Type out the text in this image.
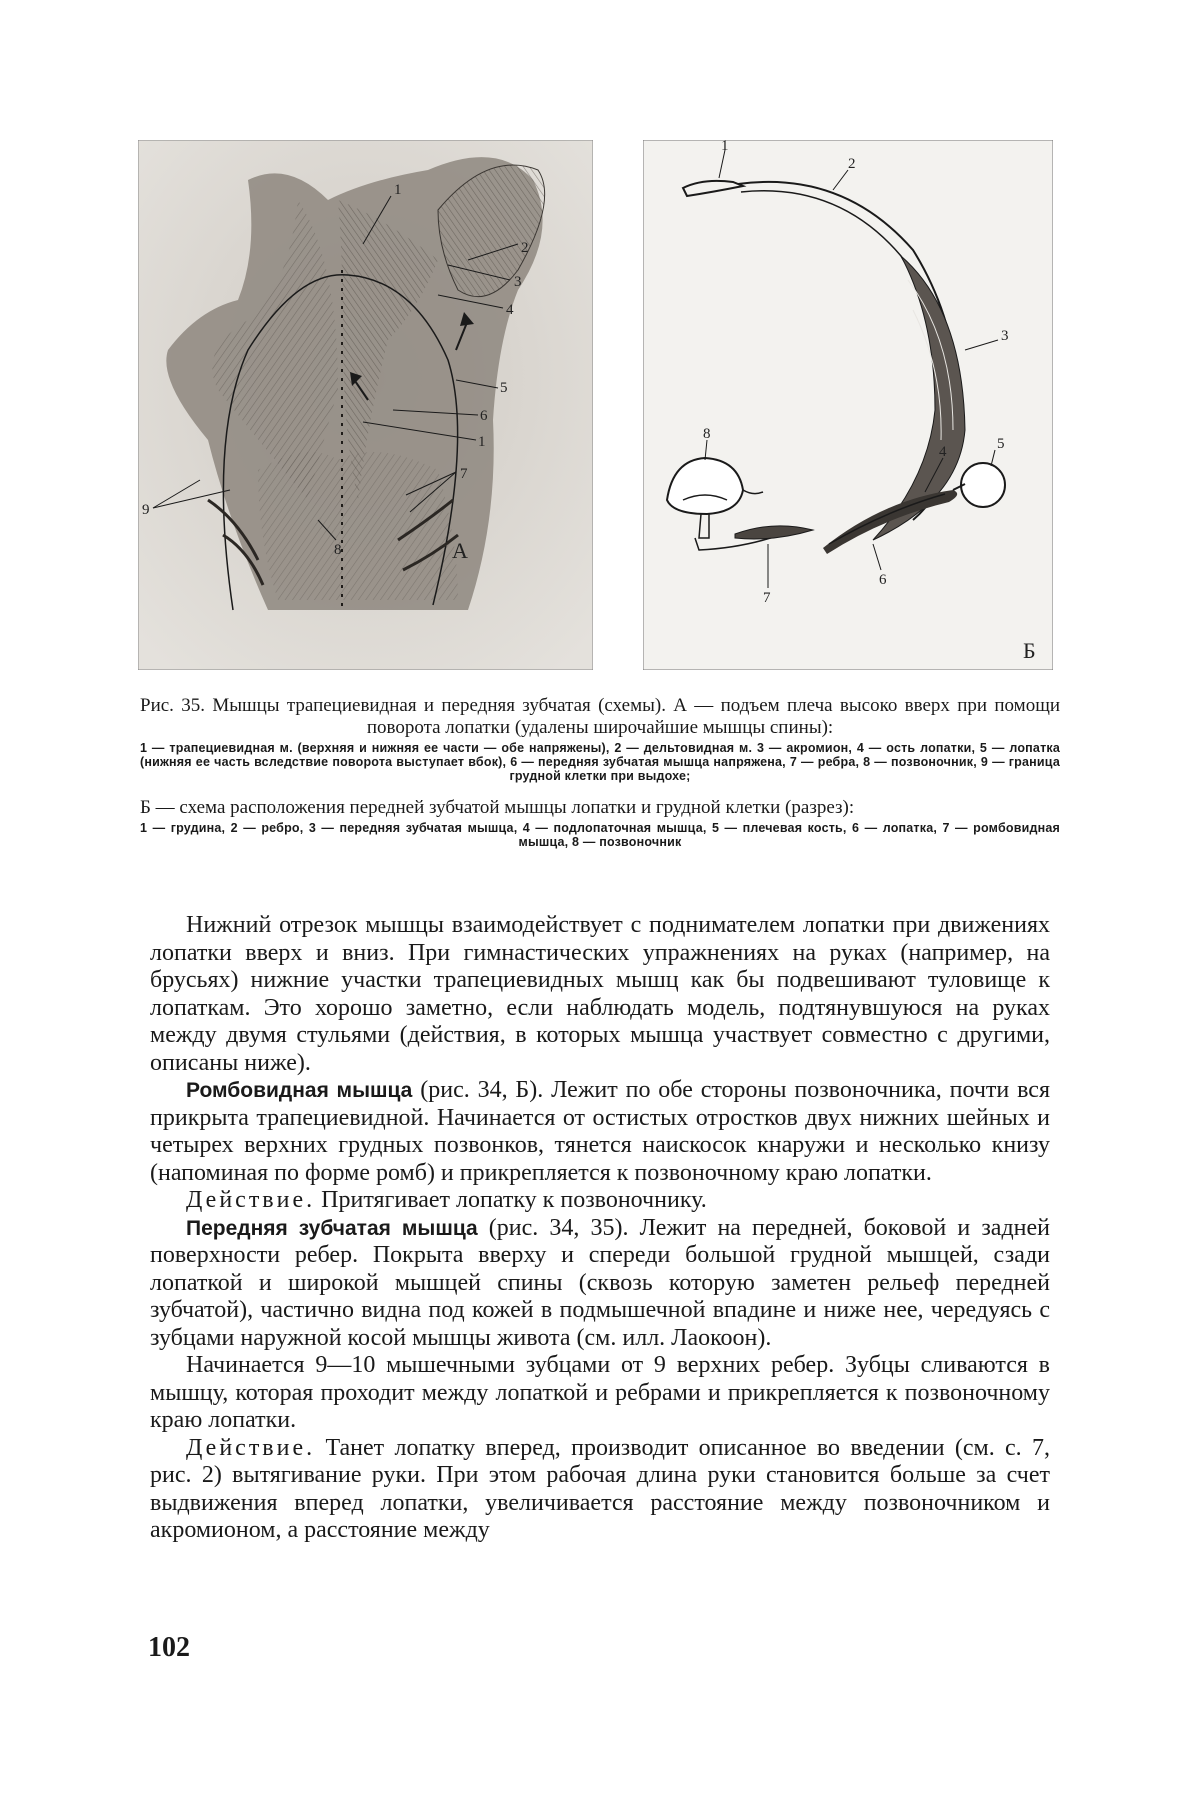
1
2
3
4
5
6
1
7
9
8	А
1
2
3
4	5
6
7
8
Б

Рис. 35. Мышцы трапециевидная и передняя зубчатая (схемы). А — подъем плеча высоко вверх при помощи поворота лопатки (удалены широчайшие мышцы спины):

1 — трапециевидная м. (верхняя и нижняя ее части — обе напряжены), 2 — дельтовидная м. 3 — акромион, 4 — ость лопатки, 5 — лопатка (нижняя ее часть вследствие поворота выступает вбок), 6 — передняя зубчатая мышца напряжена, 7 — ребра, 8 — позвоночник, 9 — граница грудной клетки при выдохе;

Б — схема расположения передней зубчатой мышцы лопатки и грудной клетки (разрез):

1 — грудина, 2 — ребро, 3 — передняя зубчатая мышца, 4 — подлопаточная мышца, 5 — плечевая кость, 6 — лопатка, 7 — ромбовидная мышца, 8 — позвоночник

Нижний отрезок мышцы взаимодействует с поднимателем лопатки при движениях лопатки вверх и вниз. При гимнастических упражнениях на руках (например, на брусьях) нижние участки трапециевидных мышц как бы подвешивают туловище к лопаткам. Это хорошо заметно, если наблюдать модель, подтянувшуюся на руках между двумя стульями (действия, в которых мышца участвует совместно с другими, описаны ниже).

Ромбовидная мышца (рис. 34, Б). Лежит по обе стороны позвоночника, почти вся прикрыта трапециевидной. Начинается от остистых отростков двух нижних шейных и четырех верхних грудных позвонков, тянется наискосок кнаружи и несколько книзу (напоминая по форме ромб) и прикрепляется к позвоночному краю лопатки.

Действие. Притягивает лопатку к позвоночнику.

Передняя зубчатая мышца (рис. 34, 35). Лежит на передней, боковой и задней поверхности ребер. Покрыта вверху и спереди большой грудной мышцей, сзади лопаткой и широкой мышцей спины (сквозь которую заметен рельеф передней зубчатой), частично видна под кожей в подмышечной впадине и ниже нее, чередуясь с зубцами наружной косой мышцы живота (см. илл. Лаокоон).

Начинается 9—10 мышечными зубцами от 9 верхних ребер. Зубцы сливаются в мышцу, которая проходит между лопаткой и ребрами и прикрепляется к позвоночному краю лопатки.

Действие. Танет лопатку вперед, производит описанное во введении (см. с. 7, рис. 2) вытягивание руки. При этом рабочая длина руки становится больше за счет выдвижения вперед лопатки, увеличивается расстояние между позвоночником и акромионом, а расстояние между

102
